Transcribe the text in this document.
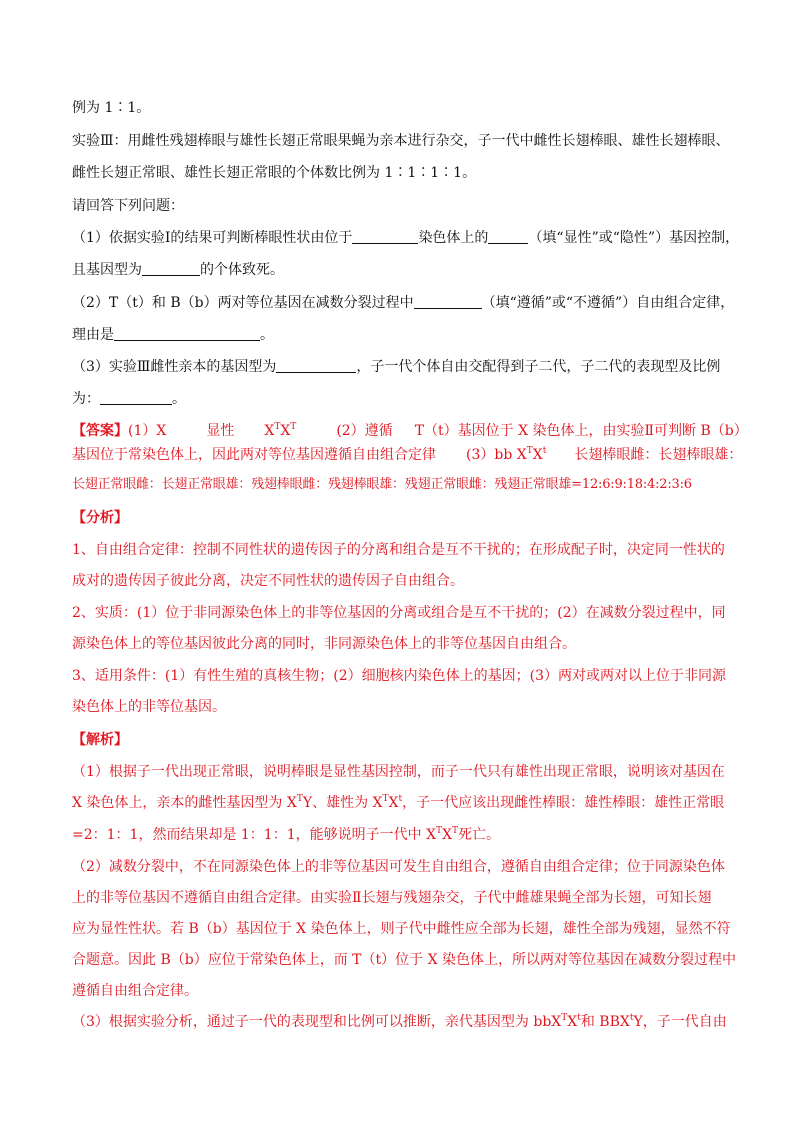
例为 1∶1。
实验Ⅲ：用雌性残翅棒眼与雄性长翅正常眼果蝇为亲本进行杂交，子一代中雌性长翅棒眼、雄性长翅棒眼、
雌性长翅正常眼、雄性长翅正常眼的个体数比例为 1∶1∶1∶1。
请回答下列问题：
（1）依据实验Ⅰ的结果可判断棒眼性状由位于	染色体上的	（填“显性”或“隐性”）基因控制，
且基因型为	的个体致死。
（2）T（t）和 B（b）两对等位基因在减数分裂过程中	（填“遵循”或“不遵循”）自由组合定律，
理由是	。
（3）实验Ⅲ雌性亲本的基因型为	，子一代个体自由交配得到子二代，子二代的表现型及比例
为：	。
【答案】(1）X	显性 $X^TX^T$	(2）遵循 T（t）基因位于 X 染色体上，由实验Ⅱ可判断 B（b）
基因位于常染色体上，因此两对等位基因遵循自由组合定律 (3）bb $X^TX^t$ 长翅棒眼雌：长翅棒眼雄：
长翅正常眼雌：长翅正常眼雄：残翅棒眼雌：残翅棒眼雄：残翅正常眼雌：残翅正常眼雄=12:6:9:18:4:2:3:6
【分析】
1、自由组合定律：控制不同性状的遗传因子的分离和组合是互不干扰的；在形成配子时，决定同一性状的
成对的遗传因子彼此分离，决定不同性状的遗传因子自由组合。
2、实质：(1）位于非同源染色体上的非等位基因的分离或组合是互不干扰的；(2）在减数分裂过程中，同
源染色体上的等位基因彼此分离的同时，非同源染色体上的非等位基因自由组合。
3、适用条件：(1）有性生殖的真核生物；(2）细胞核内染色体上的基因；(3）两对或两对以上位于非同源
染色体上的非等位基因。
【解析】
（1）根据子一代出现正常眼，说明棒眼是显性基因控制，而子一代只有雄性出现正常眼，说明该对基因在
X 染色体上，亲本的雌性基因型为 $X^TY$、雄性为 $X^TX^t$，子一代应该出现雌性棒眼：雄性棒眼：雄性正常眼
=2：1：1，然而结果却是 1：1：1，能够说明子一代中 $X^TX^T$死亡。
（2）减数分裂中，不在同源染色体上的非等位基因可发生自由组合，遵循自由组合定律；位于同源染色体
上的非等位基因不遵循自由组合定律。由实验Ⅱ长翅与残翅杂交，子代中雌雄果蝇全部为长翅，可知长翅
应为显性性状。若 B（b）基因位于 X 染色体上，则子代中雌性应全部为长翅，雄性全部为残翅，显然不符
合题意。因此 B（b）应位于常染色体上，而 T（t）位于 X 染色体上，所以两对等位基因在减数分裂过程中
遵循自由组合定律。
（3）根据实验分析，通过子一代的表现型和比例可以推断，亲代基因型为 $bbX^TX^t$和 BBX$^t$Y，子一代自由
